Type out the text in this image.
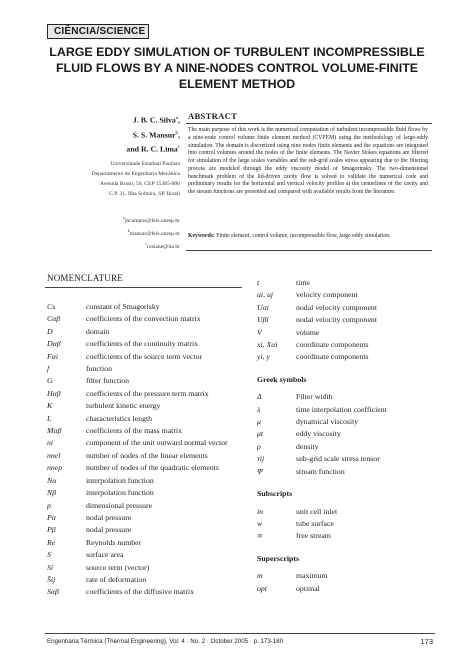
CIÊNCIA/SCIENCE
LARGE EDDY SIMULATION OF TURBULENT INCOMPRESSIBLE FLUID FLOWS BY A NINE-NODES CONTROL VOLUME-FINITE ELEMENT METHOD
J. B. C. Silva$^a$,
S. S. Mansur$^b$,
and R. C. Lima$^c$
Universidade Estadual Paulista
Departamento de Engenharia Mecânica
Avenida Brasil, 56, CEP 15385-000
C.P. 31, Ilha Solteira, SP, Brasil
$^a$jbcampos@feis.unesp.br
$^b$mansur@feis.unesp.br
$^c$rosiane@ita.br
ABSTRACT
The main purpose of this work is the numerical computation of turbulent incompressible fluid flows by a nine-node control volume finite element method (CVFEM) using the methodology of large-eddy simulation. The domain is discretized using nine nodes finite elements and the equations are integrated into control volumes around the nodes of the finite elements. The Navier Stokes equations are filtered for simulation of the large scales variables and the sub-grid scales stress appearing due to the filtering process are modeled through the eddy viscosity model of Smagorinsky. The two-dimensional benchmark problem of the lid-driven cavity flow is solved to validate the numerical code and preliminary results for the horizontal and vertical velocity profiles at the centerlines of the cavity and the stream functions are presented and compared with available results from the literature.
Keywords: Finite element, control volume, incompressible flow, large eddy simulation.
NOMENCLATURE
Cs	constant of Smagorisky
Cαβ	coefficients of the convection matrix
D	domain
Dαβ	coefficients of the continuity matrix
Fαi	coefficients of the source term vector
f	function
G	filter function
Hαβ	coefficients of the pressure term matrix
K	turbulent kinetic energy
L	characteristics length
Mαβ	coefficients of the mass matrix
ni	component of the unit outward normal vector
nnel	number of nodes of the linear elements
nnep	number of nodes of the quadratic elements
Nα	interpolation function
Nβ	interpolation function
p	dimensional pressure
Pα	nodal pressure
Pβ	nodal pressure
Re	Reynolds number
S	surface area
Si	source term (vector)
S̄ij	rate of deformation
Sαβ	coefficients of the diffusive matrix
t	time
ui, uj	velocity component
Uαi	nodal velocity component
Uβi	nodal velocity component
V	volume
xi, Xαi	coordinate components
yi, y	coordinate components
Greek symbols
Δ	Filter width
λ	time interpolation coefficient
μ	dynamical viscosity
μt	eddy viscosity
ρ	density
τij	sub-grid scale stress tensor
Ψ	stream function
Subscripts
in	unit cell inlet
w	tube surface
∞	free stream
Superscripts
m	maximum
opt	optimal
Engenharia Térmica (Thermal Engineering), Vol. 4 · No. 2 · October 2005 · p. 173-180	173
